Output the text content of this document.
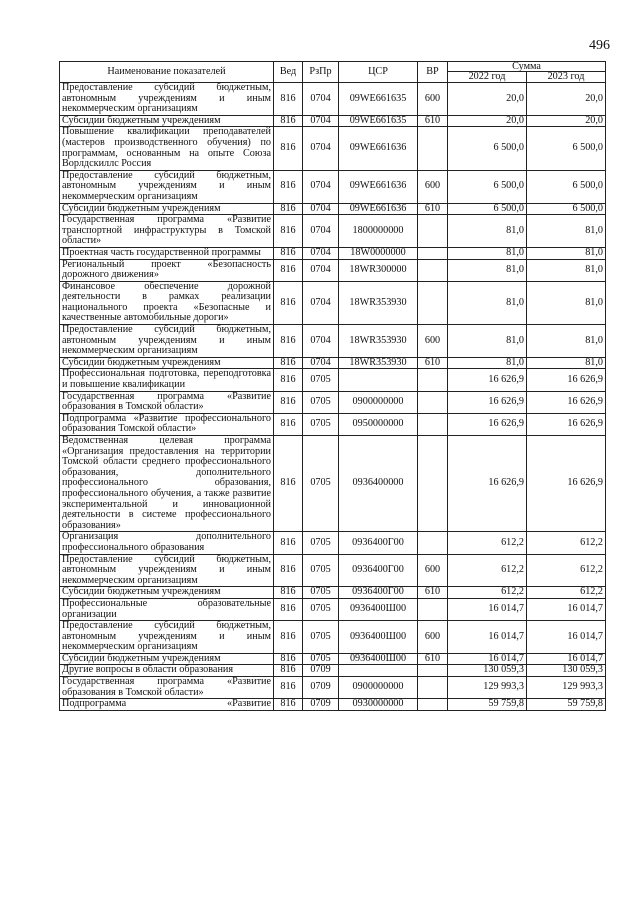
496
Наименование показателей	Вед	РзПр	ЦСР	ВР	Сумма	
					2022 год	2023 год
Предоставление субсидий бюджетным, автономным учреждениям и иным некоммерческим организациям	816	0704	09WE661635	600	20,0	20,0
Субсидии бюджетным учреждениям	816	0704	09WE661635	610	20,0	20,0
Повышение квалификации преподавателей (мастеров производственного обучения) по программам, основанным на опыте Союза Ворлдскиллс Россия	816	0704	09WE661636		6 500,0	6 500,0
Предоставление субсидий бюджетным, автономным учреждениям и иным некоммерческим организациям	816	0704	09WE661636	600	6 500,0	6 500,0
Субсидии бюджетным учреждениям	816	0704	09WE661636	610	6 500,0	6 500,0
Государственная программа «Развитие транспортной инфраструктуры в Томской области»	816	0704	1800000000		81,0	81,0
Проектная часть государственной программы	816	0704	18W0000000		81,0	81,0
Региональный проект «Безопасность дорожного движения»	816	0704	18WR300000		81,0	81,0
Финансовое обеспечение дорожной деятельности в рамках реализации национального проекта «Безопасные и качественные автомобильные дороги»	816	0704	18WR353930		81,0	81,0
Предоставление субсидий бюджетным, автономным учреждениям и иным некоммерческим организациям	816	0704	18WR353930	600	81,0	81,0
Субсидии бюджетным учреждениям	816	0704	18WR353930	610	81,0	81,0
Профессиональная подготовка, переподготовка и повышение квалификации	816	0705			16 626,9	16 626,9
Государственная программа «Развитие образования в Томской области»	816	0705	0900000000		16 626,9	16 626,9
Подпрограмма «Развитие профессионального образования Томской области»	816	0705	0950000000		16 626,9	16 626,9
Ведомственная целевая программа «Организация предоставления на территории Томской области среднего профессионального образования, дополнительного профессионального образования, профессионального обучения, а также развитие экспериментальной и инновационной деятельности в системе профессионального образования»	816	0705	0936400000		16 626,9	16 626,9
Организация дополнительного профессионального образования	816	0705	0936400Г00		612,2	612,2
Предоставление субсидий бюджетным, автономным учреждениям и иным некоммерческим организациям	816	0705	0936400Г00	600	612,2	612,2
Субсидии бюджетным учреждениям	816	0705	0936400Г00	610	612,2	612,2
Профессиональные образовательные организации	816	0705	0936400Ш00		16 014,7	16 014,7
Предоставление субсидий бюджетным, автономным учреждениям и иным некоммерческим организациям	816	0705	0936400Ш00	600	16 014,7	16 014,7
Субсидии бюджетным учреждениям	816	0705	0936400Ш00	610	16 014,7	16 014,7
Другие вопросы в области образования	816	0709			130 059,3	130 059,3
Государственная программа «Развитие образования в Томской области»	816	0709	0900000000		129 993,3	129 993,3
Подпрограмма «Развитие	816	0709	0930000000		59 759,8	59 759,8
